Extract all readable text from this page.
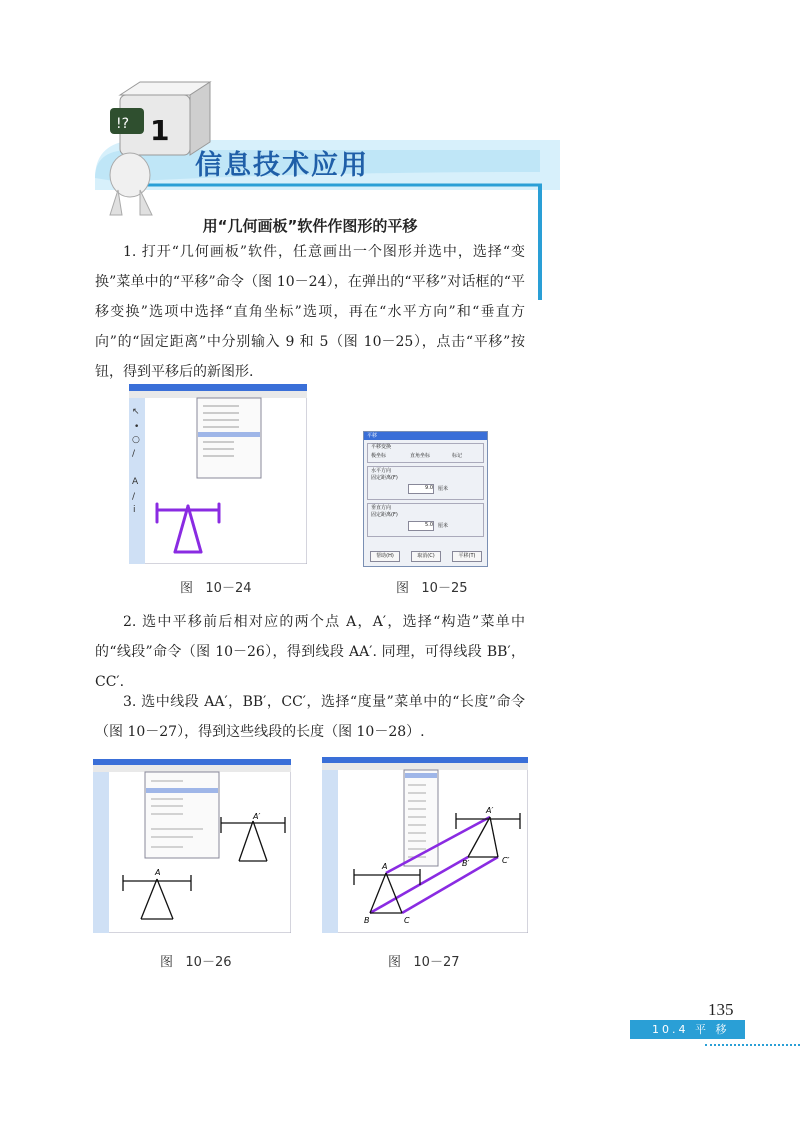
!? 1
信息技术应用
用“几何画板”软件作图形的平移
1. 打开“几何画板”软件，任意画出一个图形并选中，选择“变换”菜单中的“平移”命令（图 10－24），在弹出的“平移”对话框的“平移变换”选项中选择“直角坐标”选项，再在“水平方向”和“垂直方向”的“固定距离”中分别输入 9 和 5（图 10－25），点击“平移”按钮，得到平移后的新图形.
↖
•
○
/
A
/
i
图   10－24
平移
平移变换
极坐标	直角坐标	标记
水平方向
固定距离(F)
9.0 厘米
垂直方向
固定距离(F)
5.0 厘米
帮助(H)	取消(C)	平移(T)
图   10－25
2. 选中平移前后相对应的两个点 A，A′，选择“构造”菜单中的“线段”命令（图 10－26），得到线段 AA′. 同理，可得线段 BB′，CC′.
3. 选中线段 AA′，BB′，CC′，选择“度量”菜单中的“长度”命令（图 10－27），得到这些线段的长度（图 10－28）.
A′
A
图   10－26
A′
A
B	C
B′	C′
图   10－27
135
10.4 平 移
